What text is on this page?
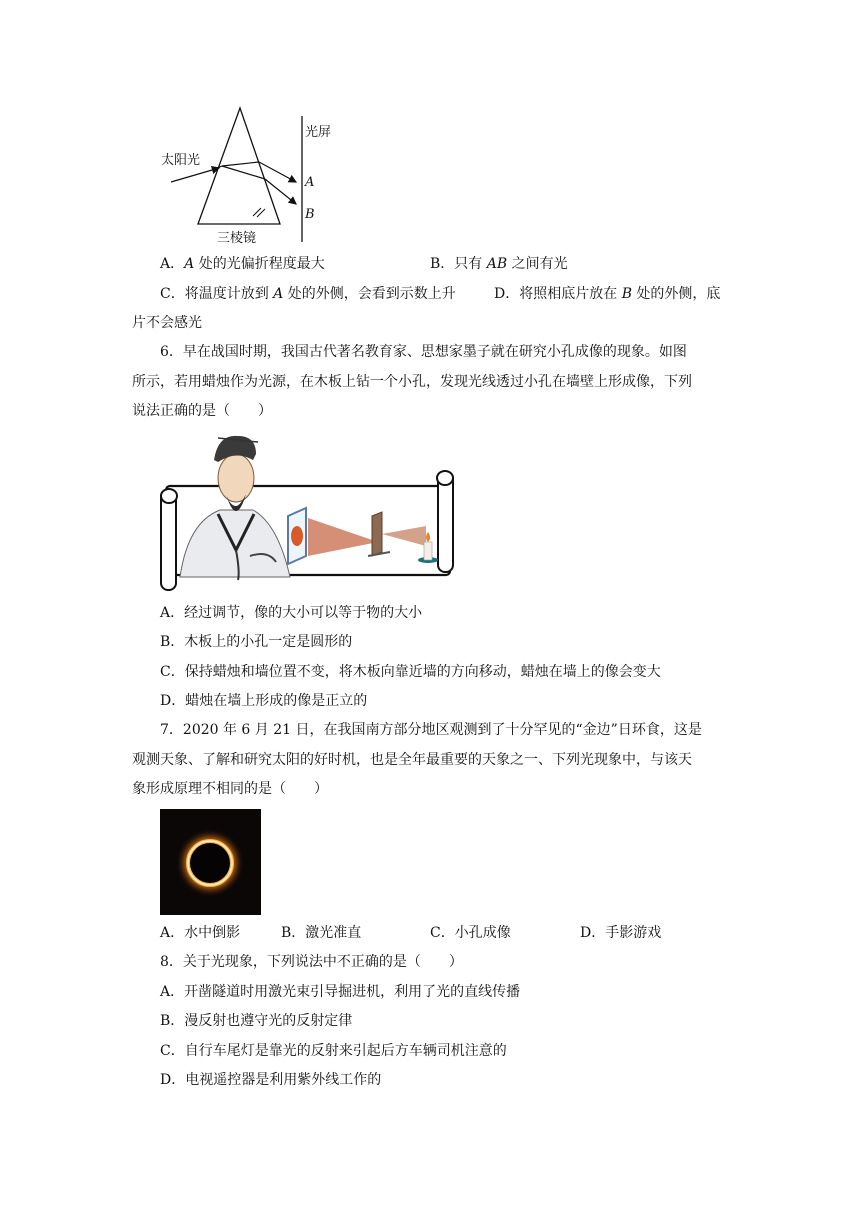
光屏
A
B
太阳光
三棱镜
A．A 处的光偏折程度最大	B．只有 AB 之间有光
C．将温度计放到 A 处的外侧，会看到示数上升	D．将照相底片放在 B 处的外侧，底
片不会感光
6．早在战国时期，我国古代著名教育家、思想家墨子就在研究小孔成像的现象。如图
所示，若用蜡烛作为光源，在木板上钻一个小孔，发现光线透过小孔在墙壁上形成像，下列
说法正确的是（　　）
A．经过调节，像的大小可以等于物的大小
B．木板上的小孔一定是圆形的
C．保持蜡烛和墙位置不变，将木板向靠近墙的方向移动，蜡烛在墙上的像会变大
D．蜡烛在墙上形成的像是正立的
7．2020 年 6 月 21 日，在我国南方部分地区观测到了十分罕见的“金边”日环食，这是
观测天象、了解和研究太阳的好时机，也是全年最重要的天象之一、下列光现象中，与该天
象形成原理不相同的是（　　）
A．水中倒影	B．激光准直	C．小孔成像	D．手影游戏
8．关于光现象，下列说法中不正确的是（　　）
A．开凿隧道时用激光束引导掘进机，利用了光的直线传播
B．漫反射也遵守光的反射定律
C．自行车尾灯是靠光的反射来引起后方车辆司机注意的
D．电视遥控器是利用紫外线工作的
